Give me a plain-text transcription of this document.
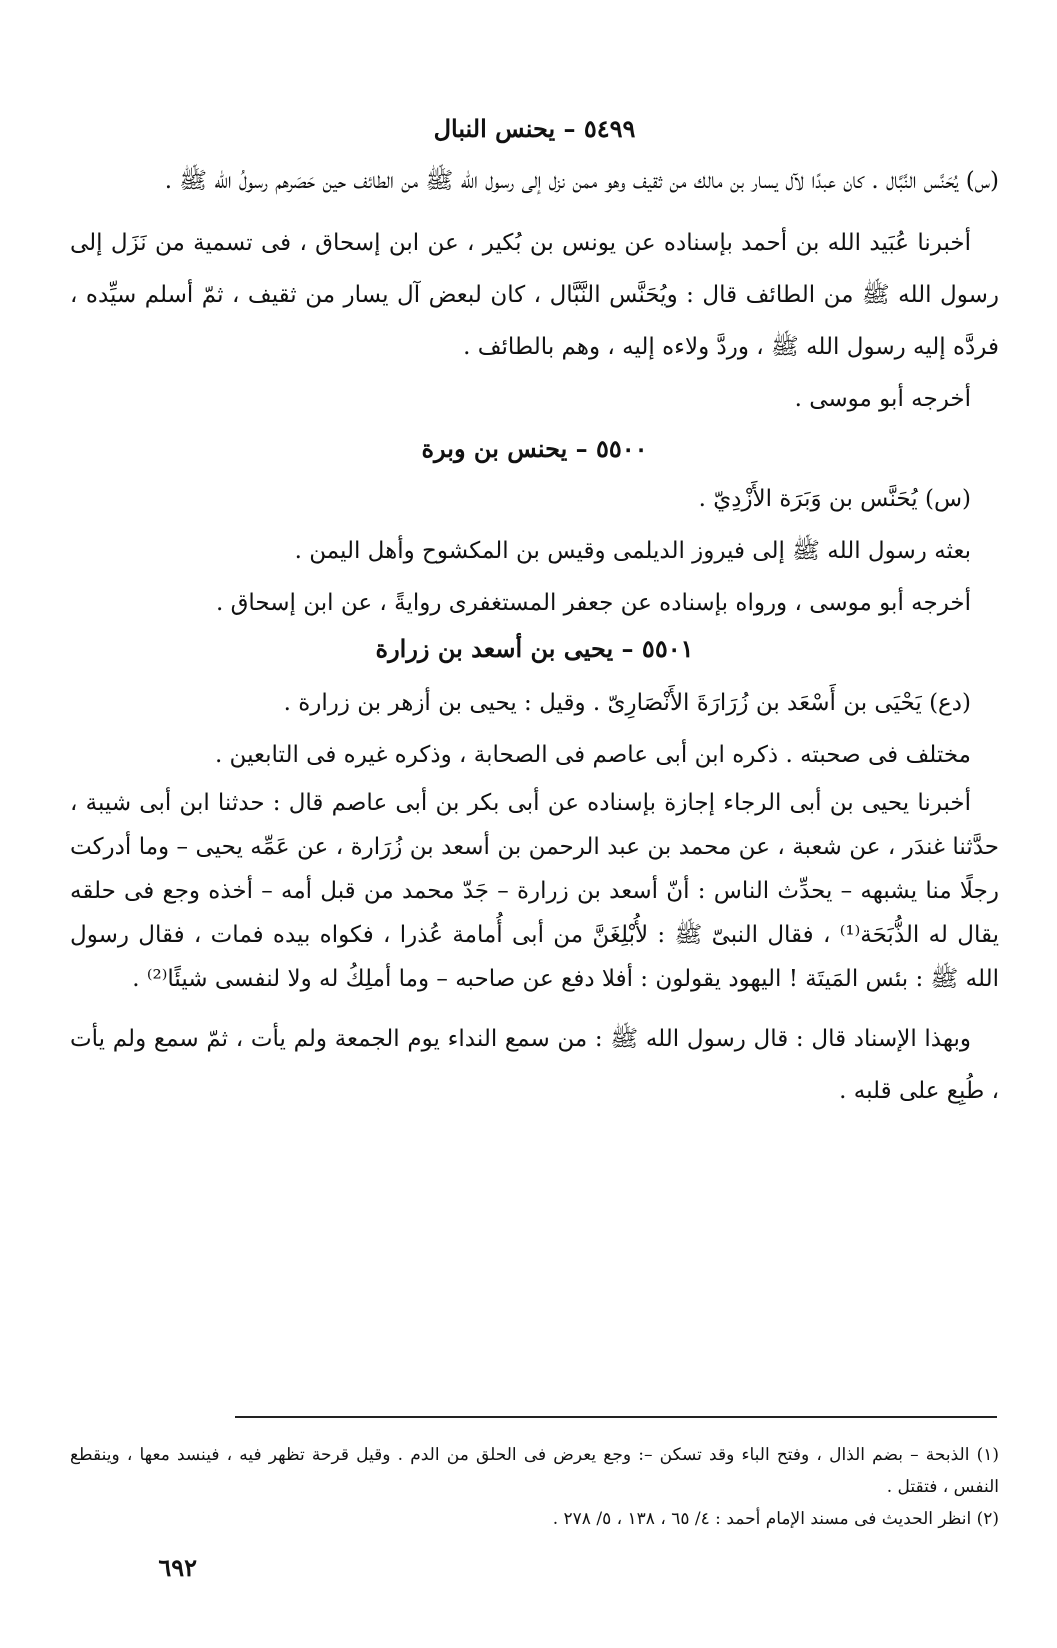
٥٤٩٩ – يحنس النبال

(س) يُحَنَّس النَّبَّال . كان عبدًا لآل يسار بن مالك من ثقيف وهو ممن نزل إلى رسول الله ﷺ من الطائف حين حَصَرهم رسولُ الله ﷺ .

أخبرنا عُبَيد الله بن أحمد بإسناده عن يونس بن بُكير ، عن ابن إسحاق ، فى تسمية من نَزَل إلى رسول الله ﷺ من الطائف قال : ويُحَنَّس النَّبَّال ، كان لبعض آل يسار من ثقيف ، ثمّ أسلم سيِّده ، فردَّه إليه رسول الله ﷺ ، وردَّ ولاءه إليه ، وهم بالطائف .

أخرجه أبو موسى .

٥٥٠٠ – يحنس بن وبرة

(س) يُحَنَّس بن وَبَرَة الأَزْدِيّ .

بعثه رسول الله ﷺ إلى فيروز الديلمى وقيس بن المكشوح وأهل اليمن .

أخرجه أبو موسى ، ورواه بإسناده عن جعفر المستغفرى روايةً ، عن ابن إسحاق .

٥٥٠١ – يحيى بن أسعد بن زرارة

(دع) يَحْيَى بن أَسْعَد بن زُرَارَةَ الأَنْصَارِىّ . وقيل : يحيى بن أزهر بن زرارة .

مختلف فى صحبته . ذكره ابن أبى عاصم فى الصحابة ، وذكره غيره فى التابعين .

أخبرنا يحيى بن أبى الرجاء إجازة بإسناده عن أبى بكر بن أبى عاصم قال : حدثنا ابن أبى شيبة ، حدَّثنا غندَر ، عن شعبة ، عن محمد بن عبد الرحمن بن أسعد بن زُرَارة ، عن عَمِّه يحيى – وما أدركت رجلًا منا يشبهه – يحدِّث الناس : أنّ أسعد بن زرارة – جَدّ محمد من قبل أمه – أخذه وجع فى حلقه يقال له الذُّبَحَة⁽¹⁾ ، فقال النبىّ ﷺ : لأُبْلِغَنَّ من أبى أُمامة عُذرا ، فكواه بيده فمات ، فقال رسول الله ﷺ : بئس المَيتَة ! اليهود يقولون : أفلا دفع عن صاحبه – وما أملِكُ له ولا لنفسى شيئًا⁽²⁾ .

وبهذا الإسناد قال : قال رسول الله ﷺ : من سمع النداء يوم الجمعة ولم يأت ، ثمّ سمع ولم يأت ، طُبِع على قلبه .

(١) الذبحة – بضم الذال ، وفتح الباء وقد تسكن –: وجع يعرض فى الحلق من الدم . وقيل قرحة تظهر فيه ، فينسد معها ، وينقطع النفس ، فتقتل .

(٢) انظر الحديث فى مسند الإمام أحمد : ٤/ ٦٥ ، ١٣٨ ، ٥/ ٢٧٨ .

٦٩٢
